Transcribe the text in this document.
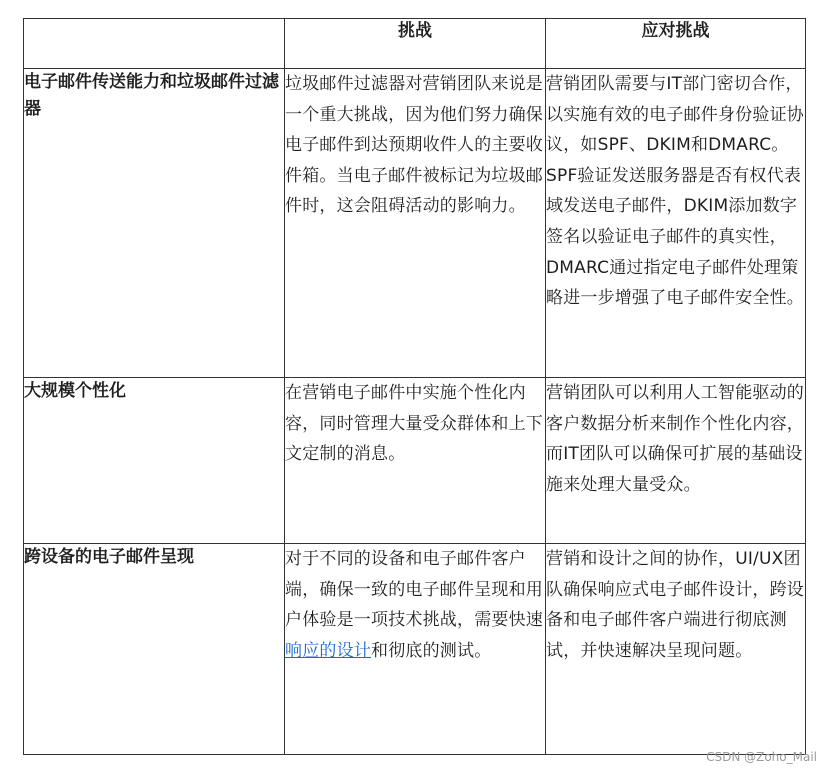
	挑战	应对挑战
电子邮件传送能力和垃圾邮件过滤器	垃圾邮件过滤器对营销团队来说是一个重大挑战，因为他们努力确保电子邮件到达预期收件人的主要收件箱。当电子邮件被标记为垃圾邮件时，这会阻碍活动的影响力。	营销团队需要与IT部门密切合作，以实施有效的电子邮件身份验证协议，如SPF、DKIM和DMARC。SPF验证发送服务器是否有权代表域发送电子邮件，DKIM添加数字签名以验证电子邮件的真实性，DMARC通过指定电子邮件处理策略进一步增强了电子邮件安全性。
大规模个性化	在营销电子邮件中实施个性化内容，同时管理大量受众群体和上下文定制的消息。	营销团队可以利用人工智能驱动的客户数据分析来制作个性化内容，而IT团队可以确保可扩展的基础设施来处理大量受众。
跨设备的电子邮件呈现	对于不同的设备和电子邮件客户端，确保一致的电子邮件呈现和用户体验是一项技术挑战，需要快速响应的设计和彻底的测试。	营销和设计之间的协作，UI/UX团队确保响应式电子邮件设计，跨设备和电子邮件客户端进行彻底测试，并快速解决呈现问题。
CSDN @Zoho_Mail
